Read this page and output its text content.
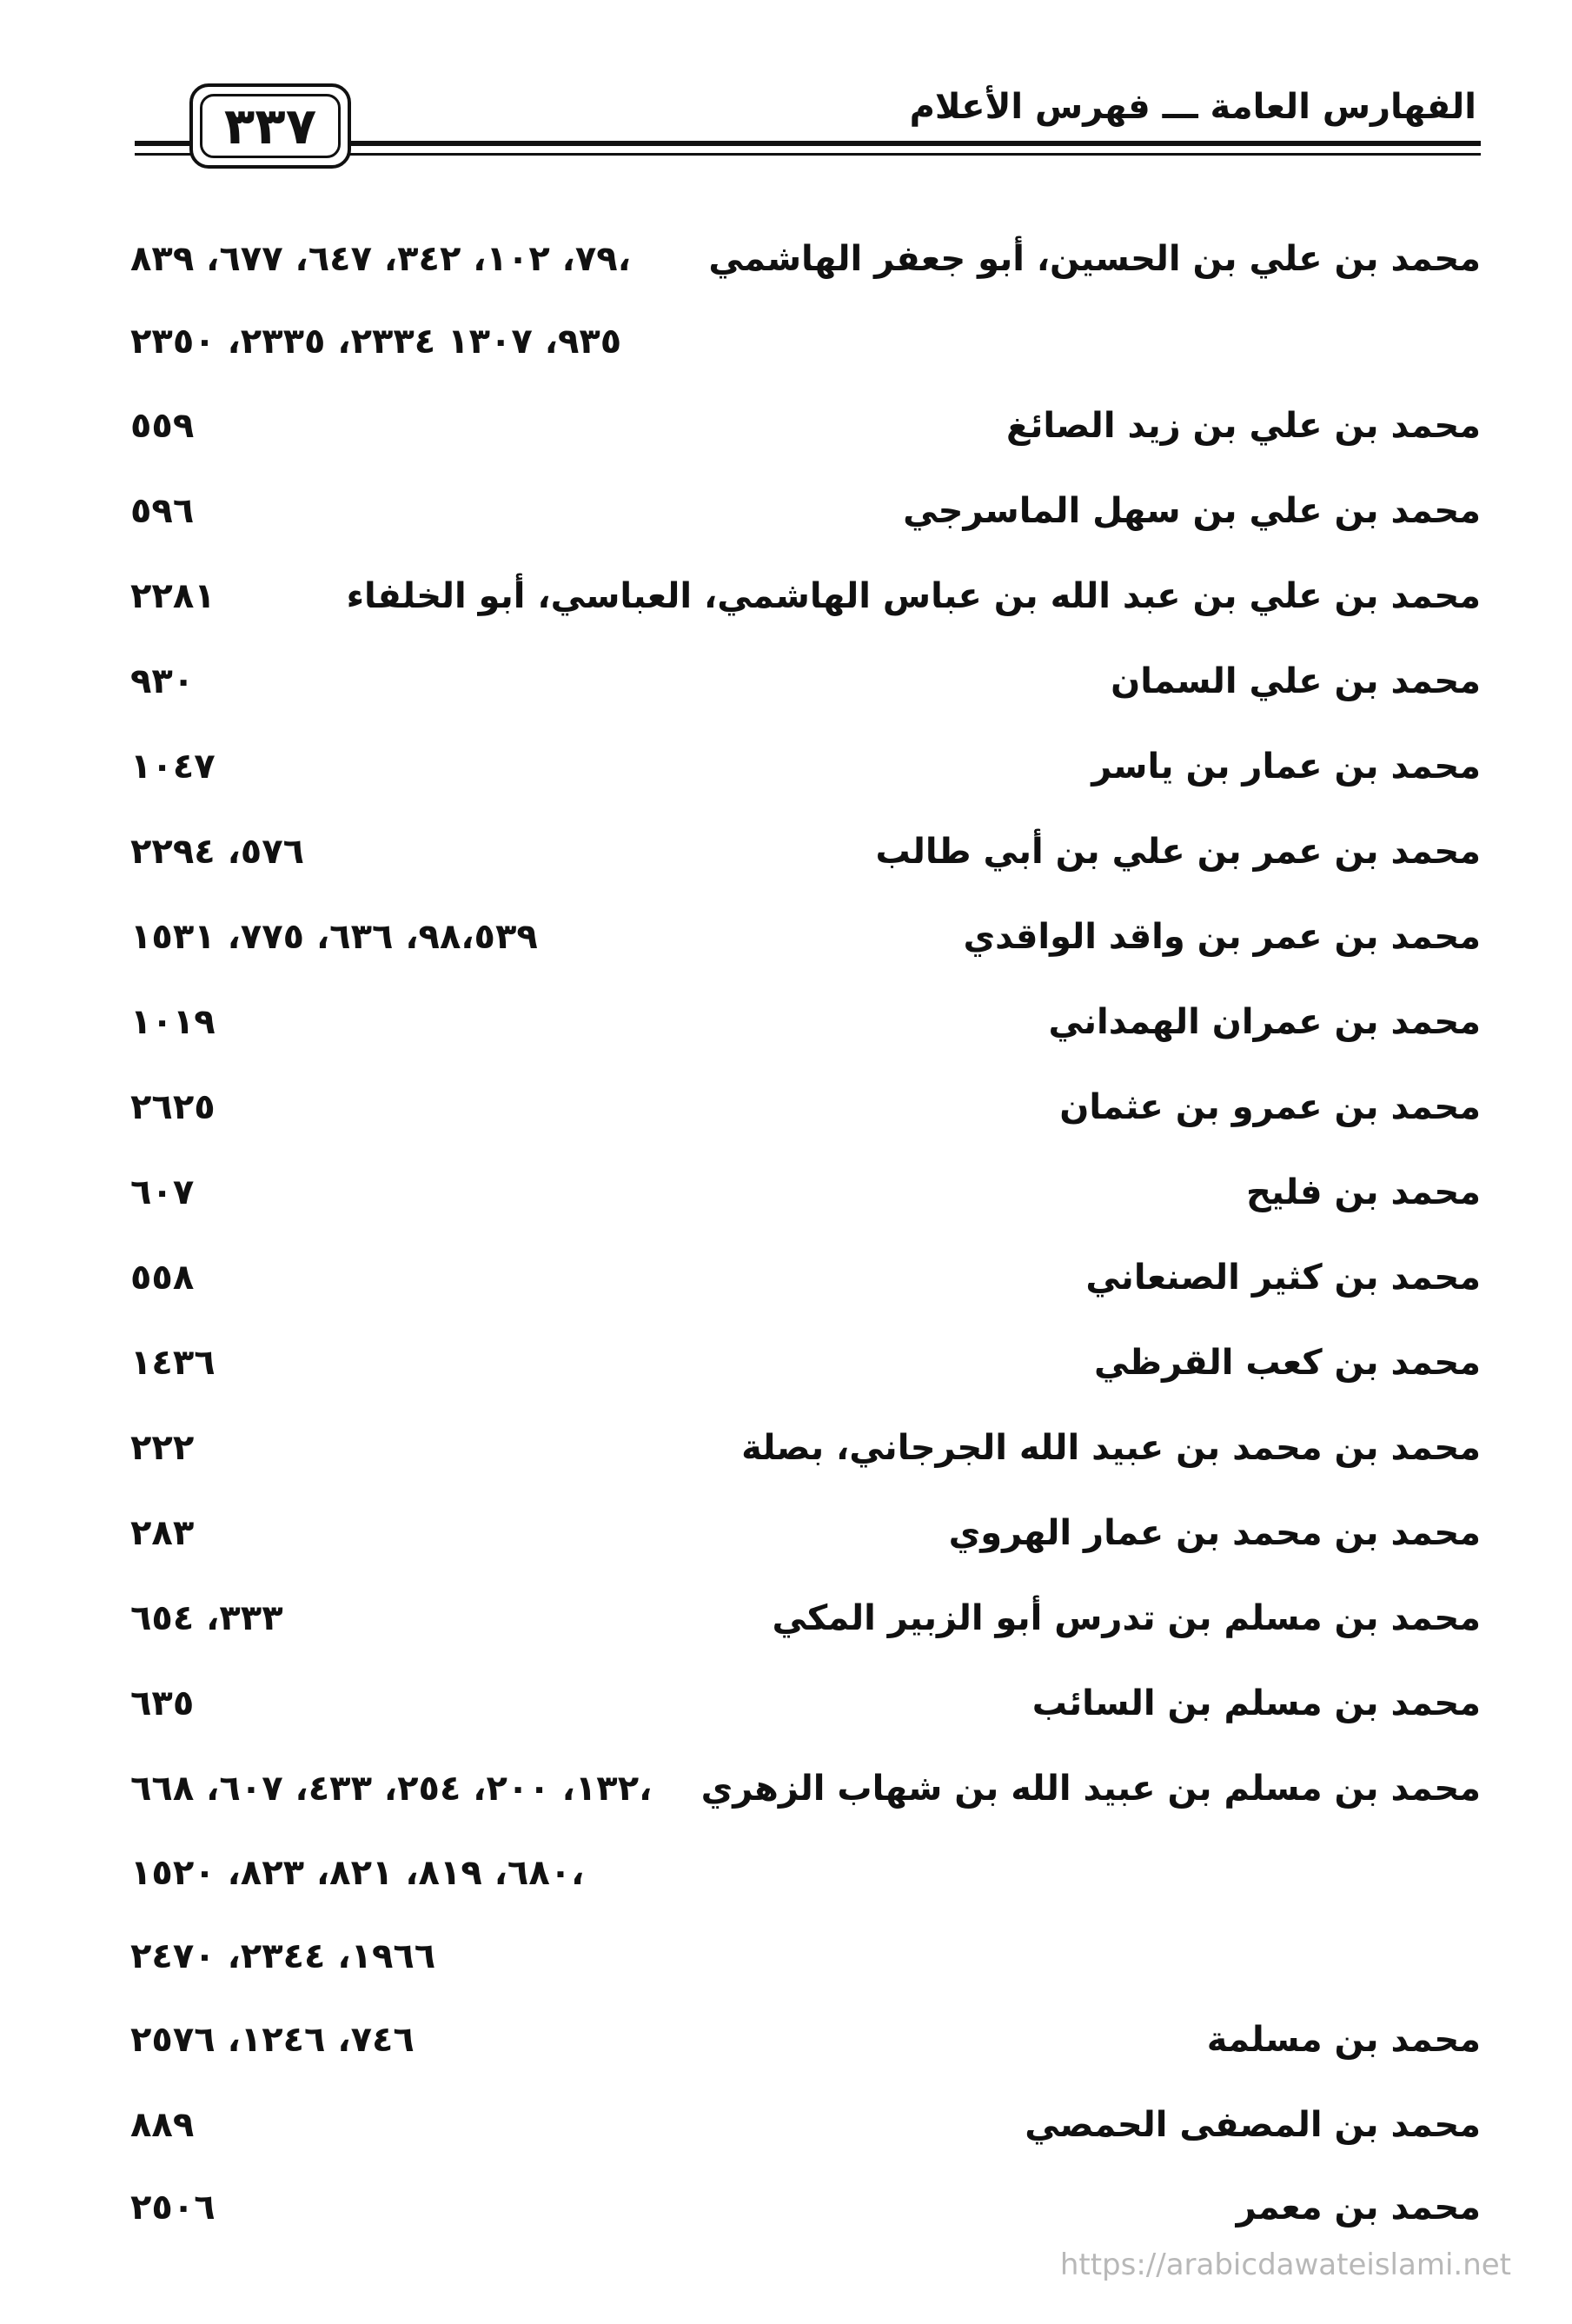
الفهارس العامة ـــ فهرس الأعلام
٣٣٧
محمد بن علي بن الحسين، أبو جعفر الهاشمي
٧٩، ١٠٢، ٣٤٢، ٦٤٧، ٦٧٧، ٨٣٩،
٩٣٥، ١٣٠٧ ٢٣٣٤، ٢٣٣٥، ٢٣٥٠
محمد بن علي بن زيد الصائغ
٥٥٩
محمد بن علي بن سهل الماسرجي
٥٩٦
محمد بن علي بن عبد الله بن عباس الهاشمي، العباسي، أبو الخلفاء
٢٢٨١
محمد بن علي السمان
٩٣٠
محمد بن عمار بن ياسر
١٠٤٧
محمد بن عمر بن علي بن أبي طالب
٥٧٦، ٢٢٩٤
محمد بن عمر بن واقد الواقدي
٩٨،٥٣٩، ٦٣٦، ٧٧٥، ١٥٣١
محمد بن عمران الهمداني
١٠١٩
محمد بن عمرو بن عثمان
٢٦٢٥
محمد بن فليح
٦٠٧
محمد بن كثير الصنعاني
٥٥٨
محمد بن كعب القرظي
١٤٣٦
محمد بن محمد بن عبيد الله الجرجاني، بصلة
٢٢٢
محمد بن محمد بن عمار الهروي
٢٨٣
محمد بن مسلم بن تدرس أبو الزبير المكي
٣٣٣، ٦٥٤
محمد بن مسلم بن السائب
٦٣٥
محمد بن مسلم بن عبيد الله بن شهاب الزهري
١٣٢، ٢٠٠، ٢٥٤، ٤٣٣، ٦٠٧، ٦٦٨،
٦٨٠، ٨١٩، ٨٢١، ٨٢٣، ١٥٢٠،
١٩٦٦، ٢٣٤٤، ٢٤٧٠
محمد بن مسلمة
٧٤٦، ١٢٤٦، ٢٥٧٦
محمد بن المصفى الحمصي
٨٨٩
محمد بن معمر
٢٥٠٦
https://arabicdawateislami.net
